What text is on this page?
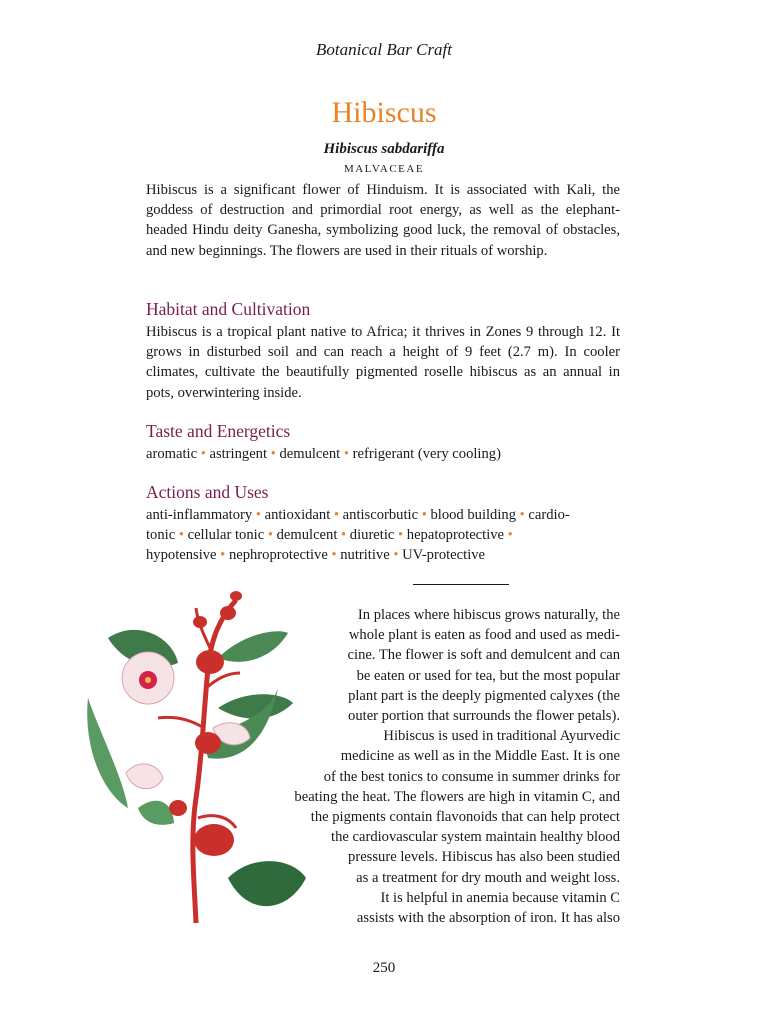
Botanical Bar Craft
Hibiscus
Hibiscus sabdariffa
MALVACEAE
Hibiscus is a significant flower of Hinduism. It is associated with Kali, the goddess of destruction and primordial root energy, as well as the elephant-headed Hindu deity Ganesha, symbolizing good luck, the removal of obstacles, and new beginnings. The flowers are used in their rituals of worship.
Habitat and Cultivation
Hibiscus is a tropical plant native to Africa; it thrives in Zones 9 through 12. It grows in disturbed soil and can reach a height of 9 feet (2.7 m). In cooler climates, cultivate the beautifully pigmented roselle hibiscus as an annual in pots, overwintering inside.
Taste and Energetics
aromatic • astringent • demulcent • refrigerant (very cooling)
Actions and Uses
anti-inflammatory • antioxidant • antiscorbutic • blood building • cardio-
tonic • cellular tonic • demulcent • diuretic • hepatoprotective •
hypotensive • nephroprotective • nutritive • UV-protective
In places where hibiscus grows naturally, the
whole plant is eaten as food and used as medi-
cine. The flower is soft and demulcent and can
be eaten or used for tea, but the most popular
plant part is the deeply pigmented calyxes (the
outer portion that surrounds the flower petals).
Hibiscus is used in traditional Ayurvedic
medicine as well as in the Middle East. It is one
of the best tonics to consume in summer drinks for
beating the heat. The flowers are high in vitamin C, and
the pigments contain flavonoids that can help protect
the cardiovascular system maintain healthy blood
pressure levels. Hibiscus has also been studied
as a treatment for dry mouth and weight loss.
It is helpful in anemia because vitamin C
assists with the absorption of iron. It has also
250
